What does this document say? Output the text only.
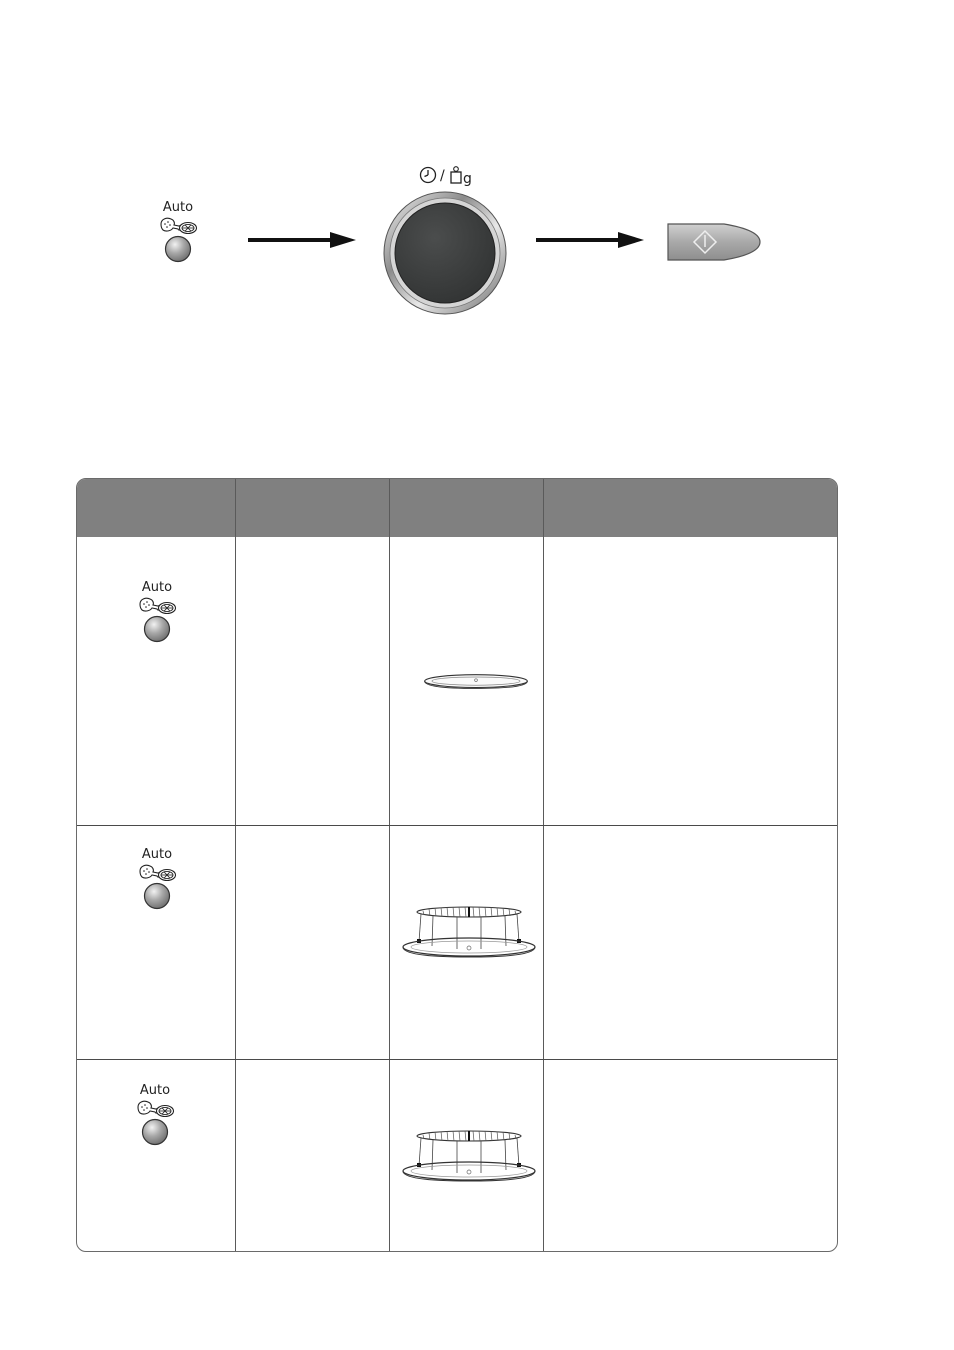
Auto
/ g
Auto
Auto
Auto
